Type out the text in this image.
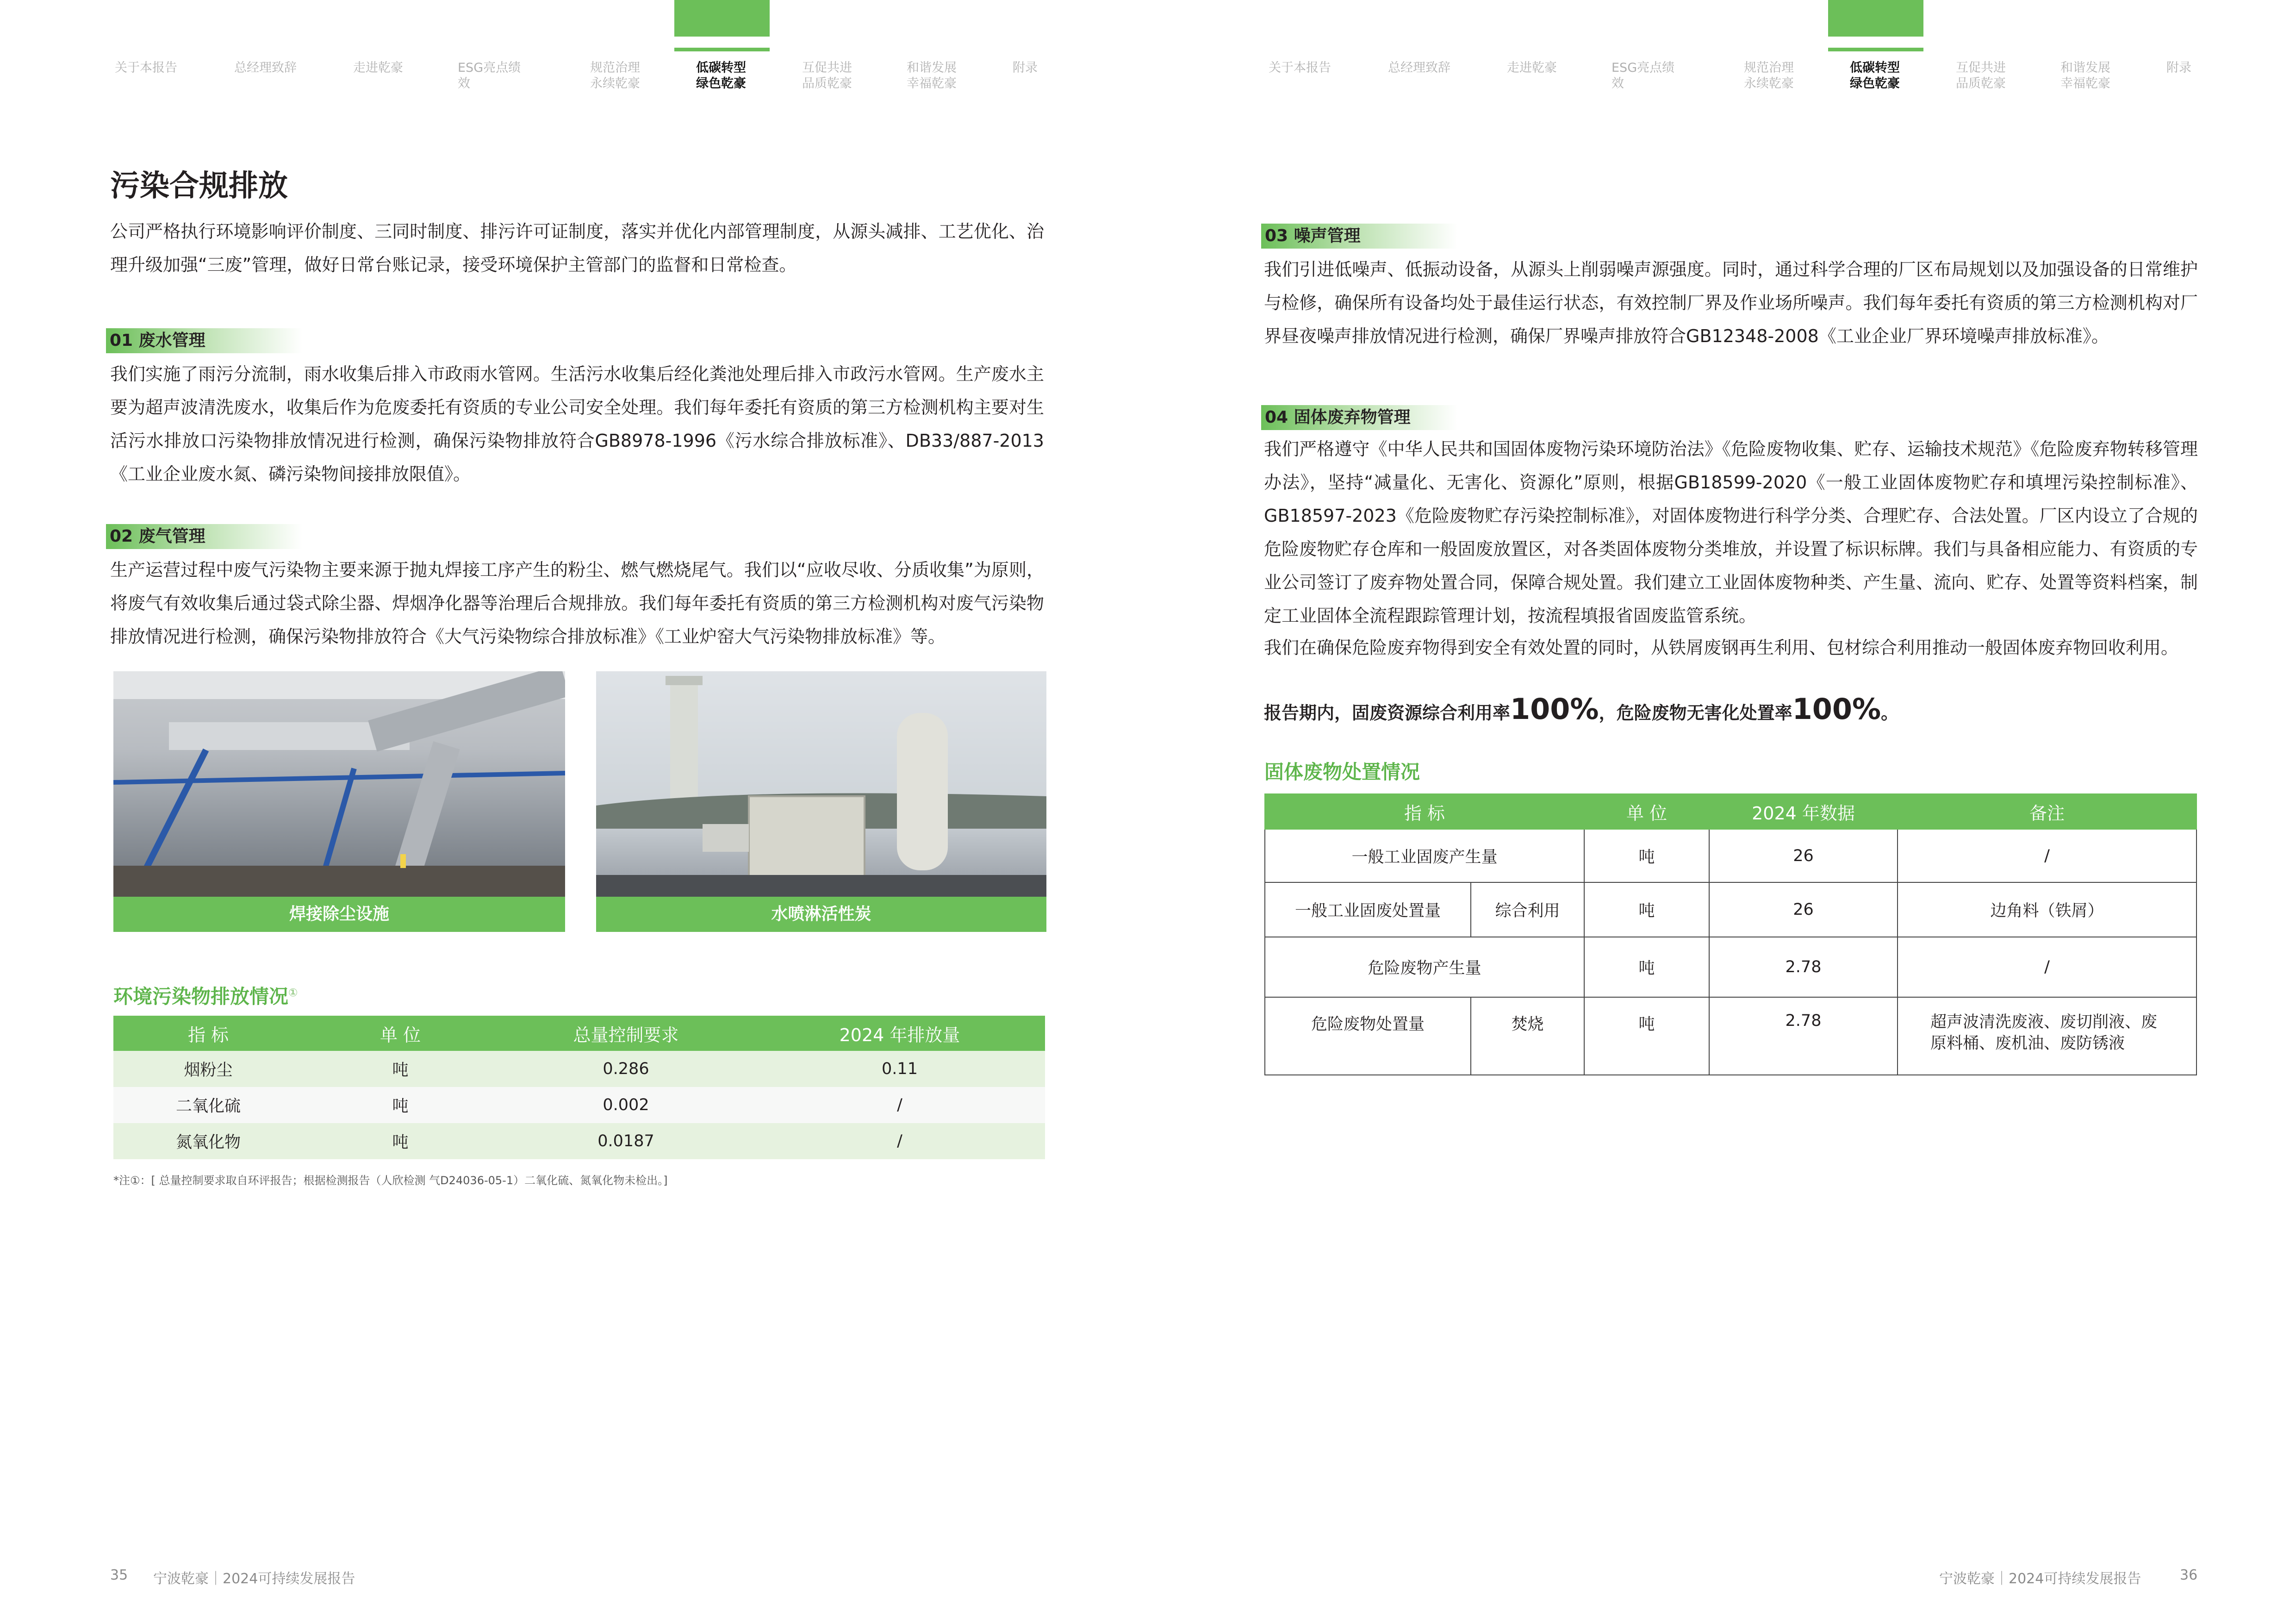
关于本报告	总经理致辞	走进乾豪	ESG亮点绩效
规范治理
永续乾豪
低碳转型
绿色乾豪
互促共进
品质乾豪
和谐发展
幸福乾豪
附录	关于本报告	总经理致辞	走进乾豪	ESG亮点绩效
规范治理
永续乾豪
低碳转型
绿色乾豪
互促共进
品质乾豪
和谐发展
幸福乾豪
附录
污染合规排放
公司严格执行环境影响评价制度、三同时制度、排污许可证制度，落实并优化内部管理制度，从源头减排、工艺优化、治理升级加强“三废”管理，做好日常台账记录，接受环境保护主管部门的监督和日常检查。
01 废水管理
我们实施了雨污分流制，雨水收集后排入市政雨水管网。生活污水收集后经化粪池处理后排入市政污水管网。生产废水主要为超声波清洗废水，收集后作为危废委托有资质的专业公司安全处理。我们每年委托有资质的第三方检测机构主要对生活污水排放口污染物排放情况进行检测，确保污染物排放符合GB8978-1996《污水综合排放标准》、DB33/887-2013《工业企业废水氮、磷污染物间接排放限值》。
02 废气管理
生产运营过程中废气污染物主要来源于抛丸焊接工序产生的粉尘、燃气燃烧尾气。我们以“应收尽收、分质收集”为原则，将废气有效收集后通过袋式除尘器、焊烟净化器等治理后合规排放。我们每年委托有资质的第三方检测机构对废气污染物排放情况进行检测，确保污染物排放符合《大气污染物综合排放标准》《工业炉窑大气污染物排放标准》等。
焊接除尘设施	水喷淋活性炭
环境污染物排放情况①
指 标	单 位	总量控制要求	2024 年排放量
烟粉尘	吨	0.286	0.11
二氧化硫	吨	0.002	/
氮氧化物	吨	0.0187	/
*注①：[ 总量控制要求取自环评报告；根据检测报告（人欣检测 气D24036-05-1）二氧化硫、氮氧化物未检出。]
35 宁波乾豪｜2024可持续发展报告
03 噪声管理
我们引进低噪声、低振动设备，从源头上削弱噪声源强度。同时，通过科学合理的厂区布局规划以及加强设备的日常维护与检修，确保所有设备均处于最佳运行状态，有效控制厂界及作业场所噪声。我们每年委托有资质的第三方检测机构对厂界昼夜噪声排放情况进行检测，确保厂界噪声排放符合GB12348-2008《工业企业厂界环境噪声排放标准》。
04 固体废弃物管理
我们严格遵守《中华人民共和国固体废物污染环境防治法》《危险废物收集、贮存、运输技术规范》《危险废弃物转移管理办法》，坚持“减量化、无害化、资源化”原则，根据GB18599-2020《一般工业固体废物贮存和填埋污染控制标准》、GB18597-2023《危险废物贮存污染控制标准》，对固体废物进行科学分类、合理贮存、合法处置。厂区内设立了合规的危险废物贮存仓库和一般固废放置区，对各类固体废物分类堆放，并设置了标识标牌。我们与具备相应能力、有资质的专业公司签订了废弃物处置合同，保障合规处置。我们建立工业固体废物种类、产生量、流向、贮存、处置等资料档案，制定工业固体全流程跟踪管理计划，按流程填报省固废监管系统。
我们在确保危险废弃物得到安全有效处置的同时，从铁屑废钢再生利用、包材综合利用推动一般固体废弃物回收利用。
报告期内，固废资源综合利用率100%，危险废物无害化处置率100%。
固体废物处置情况
指 标		单 位	2024 年数据	备注
一般工业固废产生量		吨	26	/
一般工业固废处置量	综合利用	吨	26	边角料（铁屑）
危险废物产生量		吨	2.78	/
危险废物处置量	焚烧	吨	2.78	超声波清洗废液、废切削液、废原料桶、废机油、废防锈液
宁波乾豪｜2024可持续发展报告	36
